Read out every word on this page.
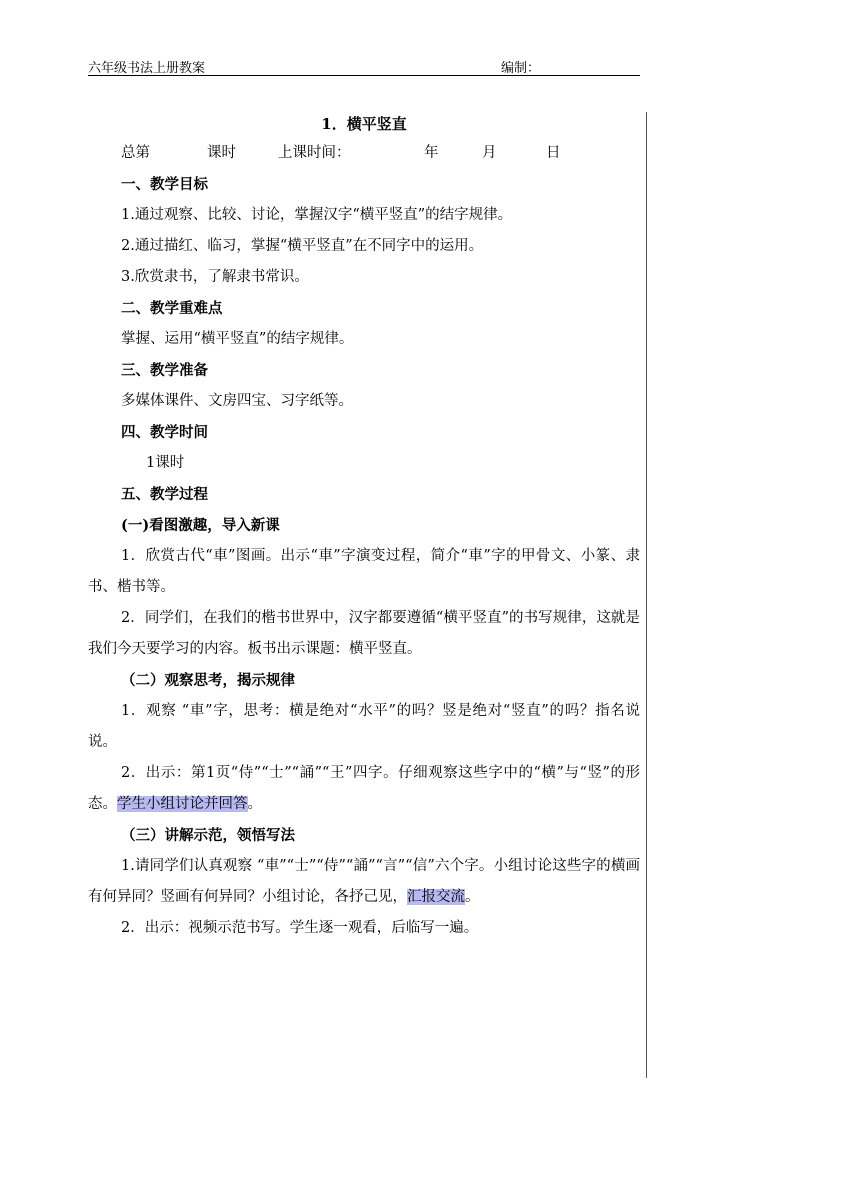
六年级书法上册教案	编制：
1．横平竖直
总第	课时	上课时间：	年	月	日
一、教学目标
1.通过观察、比较、讨论，掌握汉字“横平竖直”的结字规律。
2.通过描红、临习，掌握“横平竖直”在不同字中的运用。
3.欣赏隶书，了解隶书常识。
二、教学重难点
掌握、运用“横平竖直”的结字规律。
三、教学准备
多媒体课件、文房四宝、习字纸等。
四、教学时间
1课时
五、教学过程
(一)看图激趣，导入新课

1．欣赏古代“車”图画。出示“車”字演变过程，简介“車”字的甲骨文、小篆、隶书、楷书等。

2．同学们，在我们的楷书世界中，汉字都要遵循“横平竖直”的书写规律，这就是我们今天要学习的内容。板书出示课题：横平竖直。

（二）观察思考，揭示规律

1．观察 “車”字，思考：横是绝对“水平”的吗？竖是绝对“竖直”的吗？指名说说。

2．出示：第1页“侍”“士”“誦”“王”四字。仔细观察这些字中的“横”与“竖”的形态。学生小组讨论并回答。

（三）讲解示范，领悟写法

1.请同学们认真观察 “車”“士”“侍”“誦”“言”“信”六个字。小组讨论这些字的横画有何异同？竖画有何异同？小组讨论，各抒己见，汇报交流。

2．出示：视频示范书写。学生逐一观看，后临写一遍。
